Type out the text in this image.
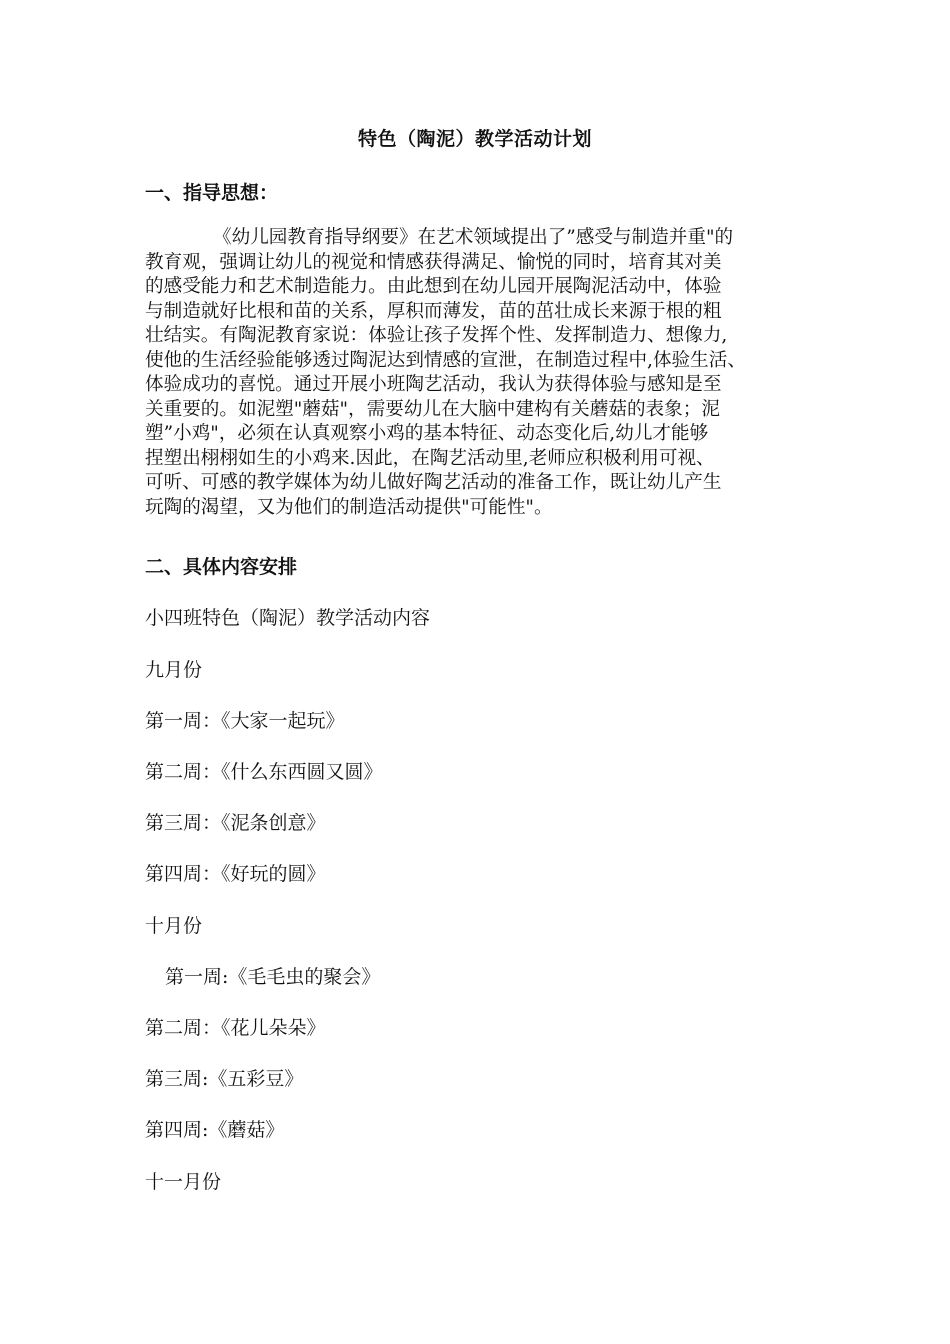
特色（陶泥）教学活动计划
一、指导思想：
《幼儿园教育指导纲要》在艺术领域提出了”感受与制造并重"的
教育观，强调让幼儿的视觉和情感获得满足、愉悦的同时，培育其对美
的感受能力和艺术制造能力。由此想到在幼儿园开展陶泥活动中，体验
与制造就好比根和苗的关系，厚积而薄发，苗的茁壮成长来源于根的粗
壮结实。有陶泥教育家说：体验让孩子发挥个性、发挥制造力、想像力,
使他的生活经验能够透过陶泥达到情感的宣泄，在制造过程中,体验生活、
体验成功的喜悦。通过开展小班陶艺活动，我认为获得体验与感知是至
关重要的。如泥塑"蘑菇"，需要幼儿在大脑中建构有关蘑菇的表象；泥
塑”小鸡"，必须在认真观察小鸡的基本特征、动态变化后,幼儿才能够
捏塑出栩栩如生的小鸡来.因此，在陶艺活动里,老师应积极利用可视、
可听、可感的教学媒体为幼儿做好陶艺活动的准备工作，既让幼儿产生
玩陶的渴望，又为他们的制造活动提供"可能性"。
二、具体内容安排
小四班特色（陶泥）教学活动内容
九月份
第一周：《大家一起玩》
第二周：《什么东西圆又圆》
第三周：《泥条创意》
第四周：《好玩的圆》
十月份
第一周:《毛毛虫的聚会》
第二周：《花儿朵朵》
第三周:《五彩豆》
第四周:《蘑菇》
十一月份
